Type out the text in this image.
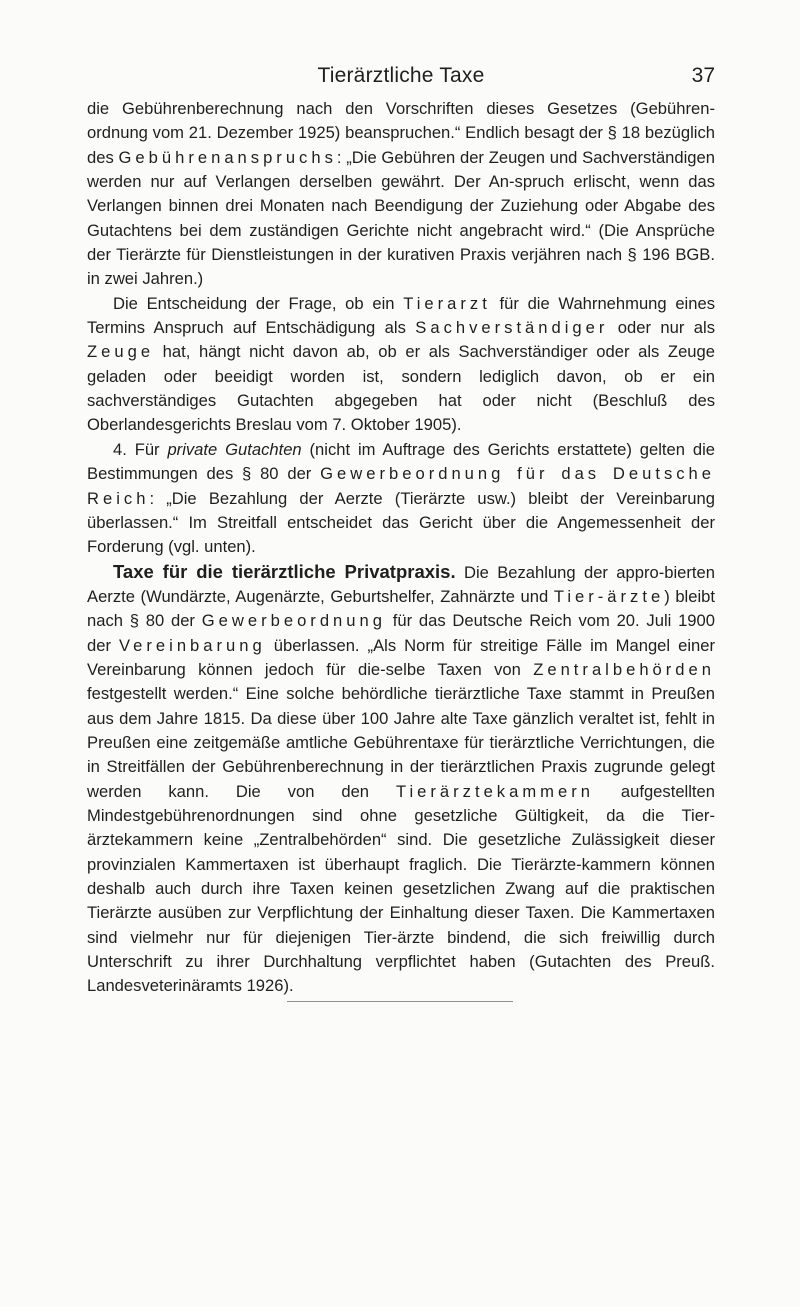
Tierärztliche Taxe	37

die Gebührenberechnung nach den Vorschriften dieses Gesetzes (Gebühren-ordnung vom 21. Dezember 1925) beanspruchen.“ Endlich besagt der § 18 bezüglich des Gebührenanspruchs: „Die Gebühren der Zeugen und Sachverständigen werden nur auf Verlangen derselben gewährt. Der An-spruch erlischt, wenn das Verlangen binnen drei Monaten nach Beendigung der Zuziehung oder Abgabe des Gutachtens bei dem zuständigen Gerichte nicht angebracht wird.“ (Die Ansprüche der Tierärzte für Dienstleistungen in der kurativen Praxis verjähren nach § 196 BGB. in zwei Jahren.)

Die Entscheidung der Frage, ob ein Tierarzt für die Wahrnehmung eines Termins Anspruch auf Entschädigung als Sachverständiger oder nur als Zeuge hat, hängt nicht davon ab, ob er als Sachverständiger oder als Zeuge geladen oder beeidigt worden ist, sondern lediglich davon, ob er ein sachverständiges Gutachten abgegeben hat oder nicht (Beschluß des Oberlandesgerichts Breslau vom 7. Oktober 1905).

4. Für private Gutachten (nicht im Auftrage des Gerichts erstattete) gelten die Bestimmungen des § 80 der Gewerbeordnung für das Deutsche Reich: „Die Bezahlung der Aerzte (Tierärzte usw.) bleibt der Vereinbarung überlassen.“ Im Streitfall entscheidet das Gericht über die Angemessenheit der Forderung (vgl. unten).

Taxe für die tierärztliche Privatpraxis. Die Bezahlung der appro-bierten Aerzte (Wundärzte, Augenärzte, Geburtshelfer, Zahnärzte und Tier-ärzte) bleibt nach § 80 der Gewerbeordnung für das Deutsche Reich vom 20. Juli 1900 der Vereinbarung überlassen. „Als Norm für streitige Fälle im Mangel einer Vereinbarung können jedoch für die-selbe Taxen von Zentralbehörden festgestellt werden.“ Eine solche behördliche tierärztliche Taxe stammt in Preußen aus dem Jahre 1815. Da diese über 100 Jahre alte Taxe gänzlich veraltet ist, fehlt in Preußen eine zeitgemäße amtliche Gebührentaxe für tierärztliche Verrichtungen, die in Streitfällen der Gebührenberechnung in der tierärztlichen Praxis zugrunde gelegt werden kann. Die von den Tierärztekammern aufgestellten Mindestgebührenordnungen sind ohne gesetzliche Gültigkeit, da die Tier-ärztekammern keine „Zentralbehörden“ sind. Die gesetzliche Zulässigkeit dieser provinzialen Kammertaxen ist überhaupt fraglich. Die Tierärzte-kammern können deshalb auch durch ihre Taxen keinen gesetzlichen Zwang auf die praktischen Tierärzte ausüben zur Verpflichtung der Einhaltung dieser Taxen. Die Kammertaxen sind vielmehr nur für diejenigen Tier-ärzte bindend, die sich freiwillig durch Unterschrift zu ihrer Durchhaltung verpflichtet haben (Gutachten des Preuß. Landesveterinäramts 1926).
